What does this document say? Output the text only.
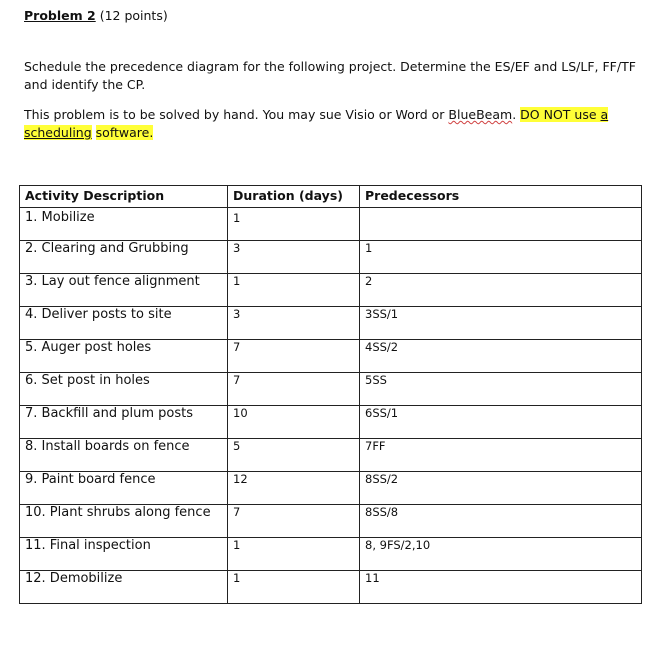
Problem 2 (12 points)
Schedule the precedence diagram for the following project. Determine the ES/EF and LS/LF, FF/TF and identify the CP.
This problem is to be solved by hand. You may sue Visio or Word or BlueBeam. DO NOT use a scheduling software.
Activity Description	Duration (days)	Predecessors
1. Mobilize	1	
2. Clearing and Grubbing	3	1
3. Lay out fence alignment	1	2
4. Deliver posts to site	3	3SS/1
5. Auger post holes	7	4SS/2
6. Set post in holes	7	5SS
7. Backfill and plum posts	10	6SS/1
8. Install boards on fence	5	7FF
9. Paint board fence	12	8SS/2
10. Plant shrubs along fence	7	8SS/8
11. Final inspection	1	8, 9FS/2,10
12. Demobilize	1	11
